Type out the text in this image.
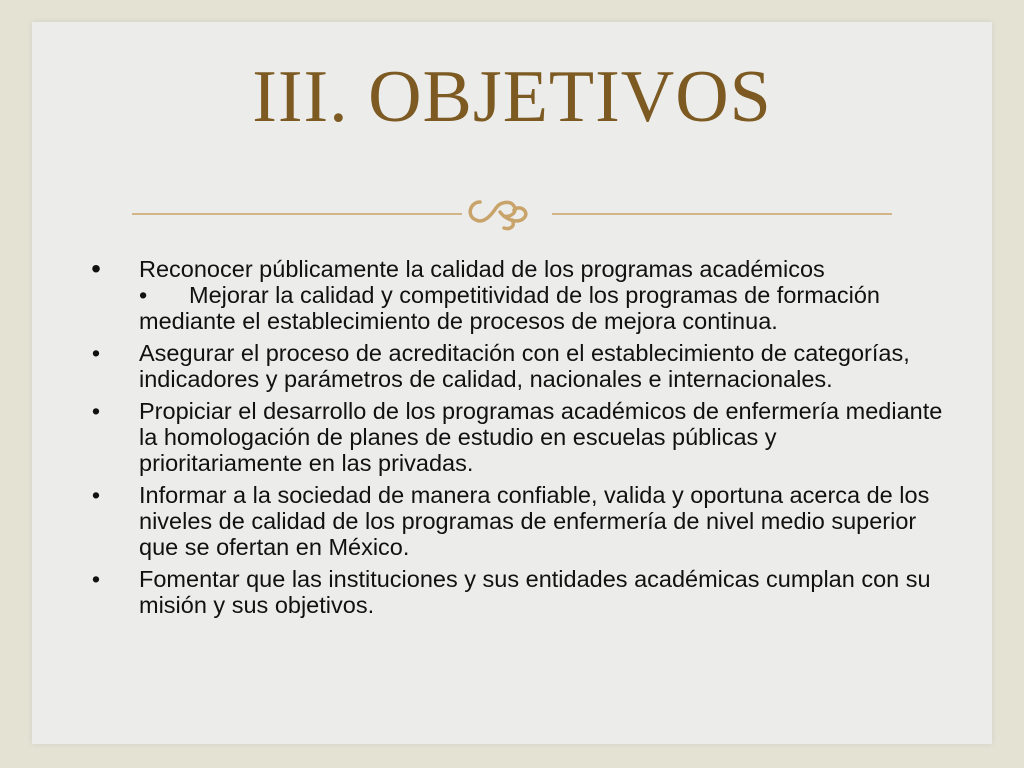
III. OBJETIVOS
• Reconocer públicamente la calidad de los programas académicos
• Mejorar la calidad y competitividad de los programas de formación mediante el establecimiento de procesos de mejora continua.
• Asegurar el proceso de acreditación con el establecimiento de categorías, indicadores y parámetros de calidad, nacionales e internacionales.
• Propiciar el desarrollo de los programas académicos de enfermería mediante la homologación de planes de estudio en escuelas públicas y prioritariamente en las privadas.
• Informar a la sociedad de manera confiable, valida y oportuna acerca de los niveles de calidad de los programas de enfermería de nivel medio superior que se ofertan en México.
• Fomentar que las instituciones y sus entidades académicas cumplan con su misión y sus objetivos.
